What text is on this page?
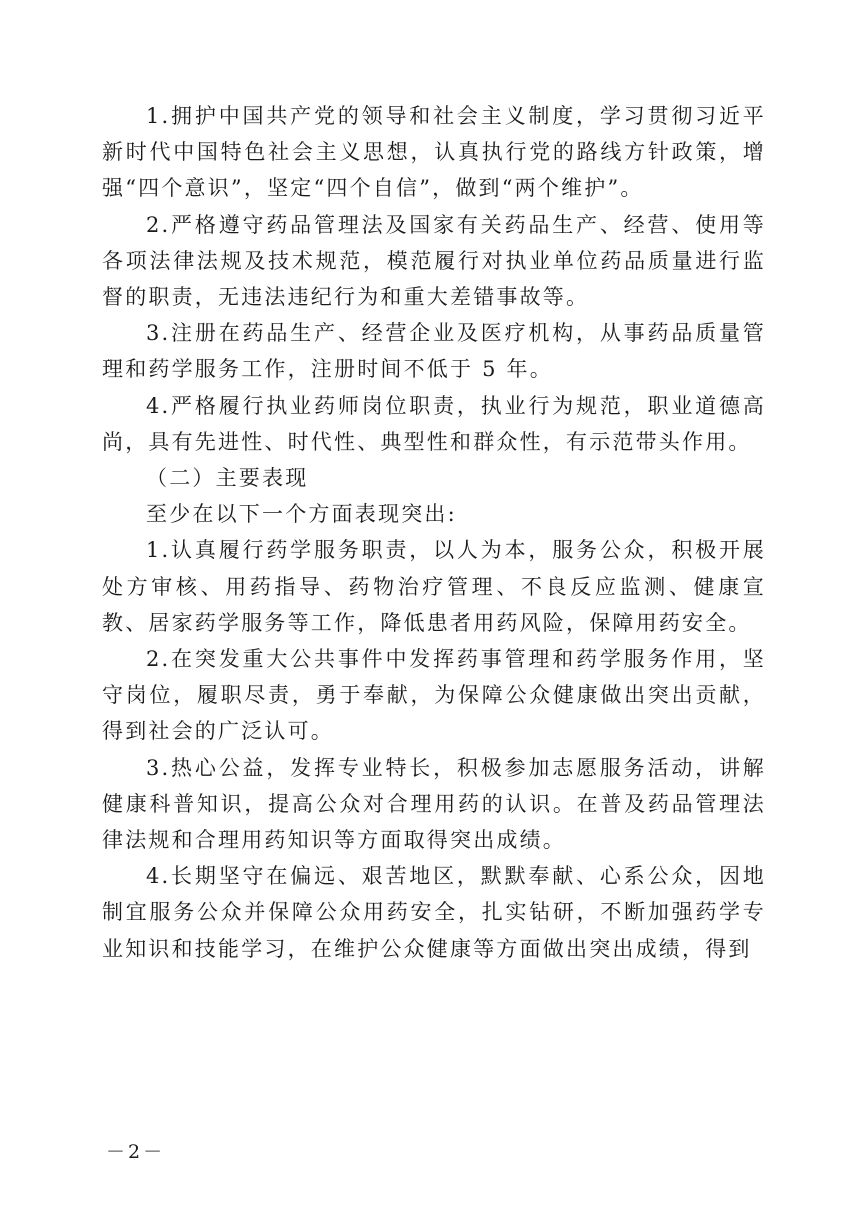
1.拥护中国共产党的领导和社会主义制度，学习贯彻习近平新时代中国特色社会主义思想，认真执行党的路线方针政策，增强“四个意识”，坚定“四个自信”，做到“两个维护”。

2.严格遵守药品管理法及国家有关药品生产、经营、使用等各项法律法规及技术规范，模范履行对执业单位药品质量进行监督的职责，无违法违纪行为和重大差错事故等。

3.注册在药品生产、经营企业及医疗机构，从事药品质量管理和药学服务工作，注册时间不低于 5 年。

4.严格履行执业药师岗位职责，执业行为规范，职业道德高尚，具有先进性、时代性、典型性和群众性，有示范带头作用。

（二）主要表现

至少在以下一个方面表现突出:

1.认真履行药学服务职责，以人为本，服务公众，积极开展处方审核、用药指导、药物治疗管理、不良反应监测、健康宣教、居家药学服务等工作，降低患者用药风险，保障用药安全。

2.在突发重大公共事件中发挥药事管理和药学服务作用，坚守岗位，履职尽责，勇于奉献，为保障公众健康做出突出贡献，得到社会的广泛认可。

3.热心公益，发挥专业特长，积极参加志愿服务活动，讲解健康科普知识，提高公众对合理用药的认识。在普及药品管理法律法规和合理用药知识等方面取得突出成绩。

4.长期坚守在偏远、艰苦地区，默默奉献、心系公众，因地制宜服务公众并保障公众用药安全，扎实钻研，不断加强药学专业知识和技能学习，在维护公众健康等方面做出突出成绩，得到

－2－
